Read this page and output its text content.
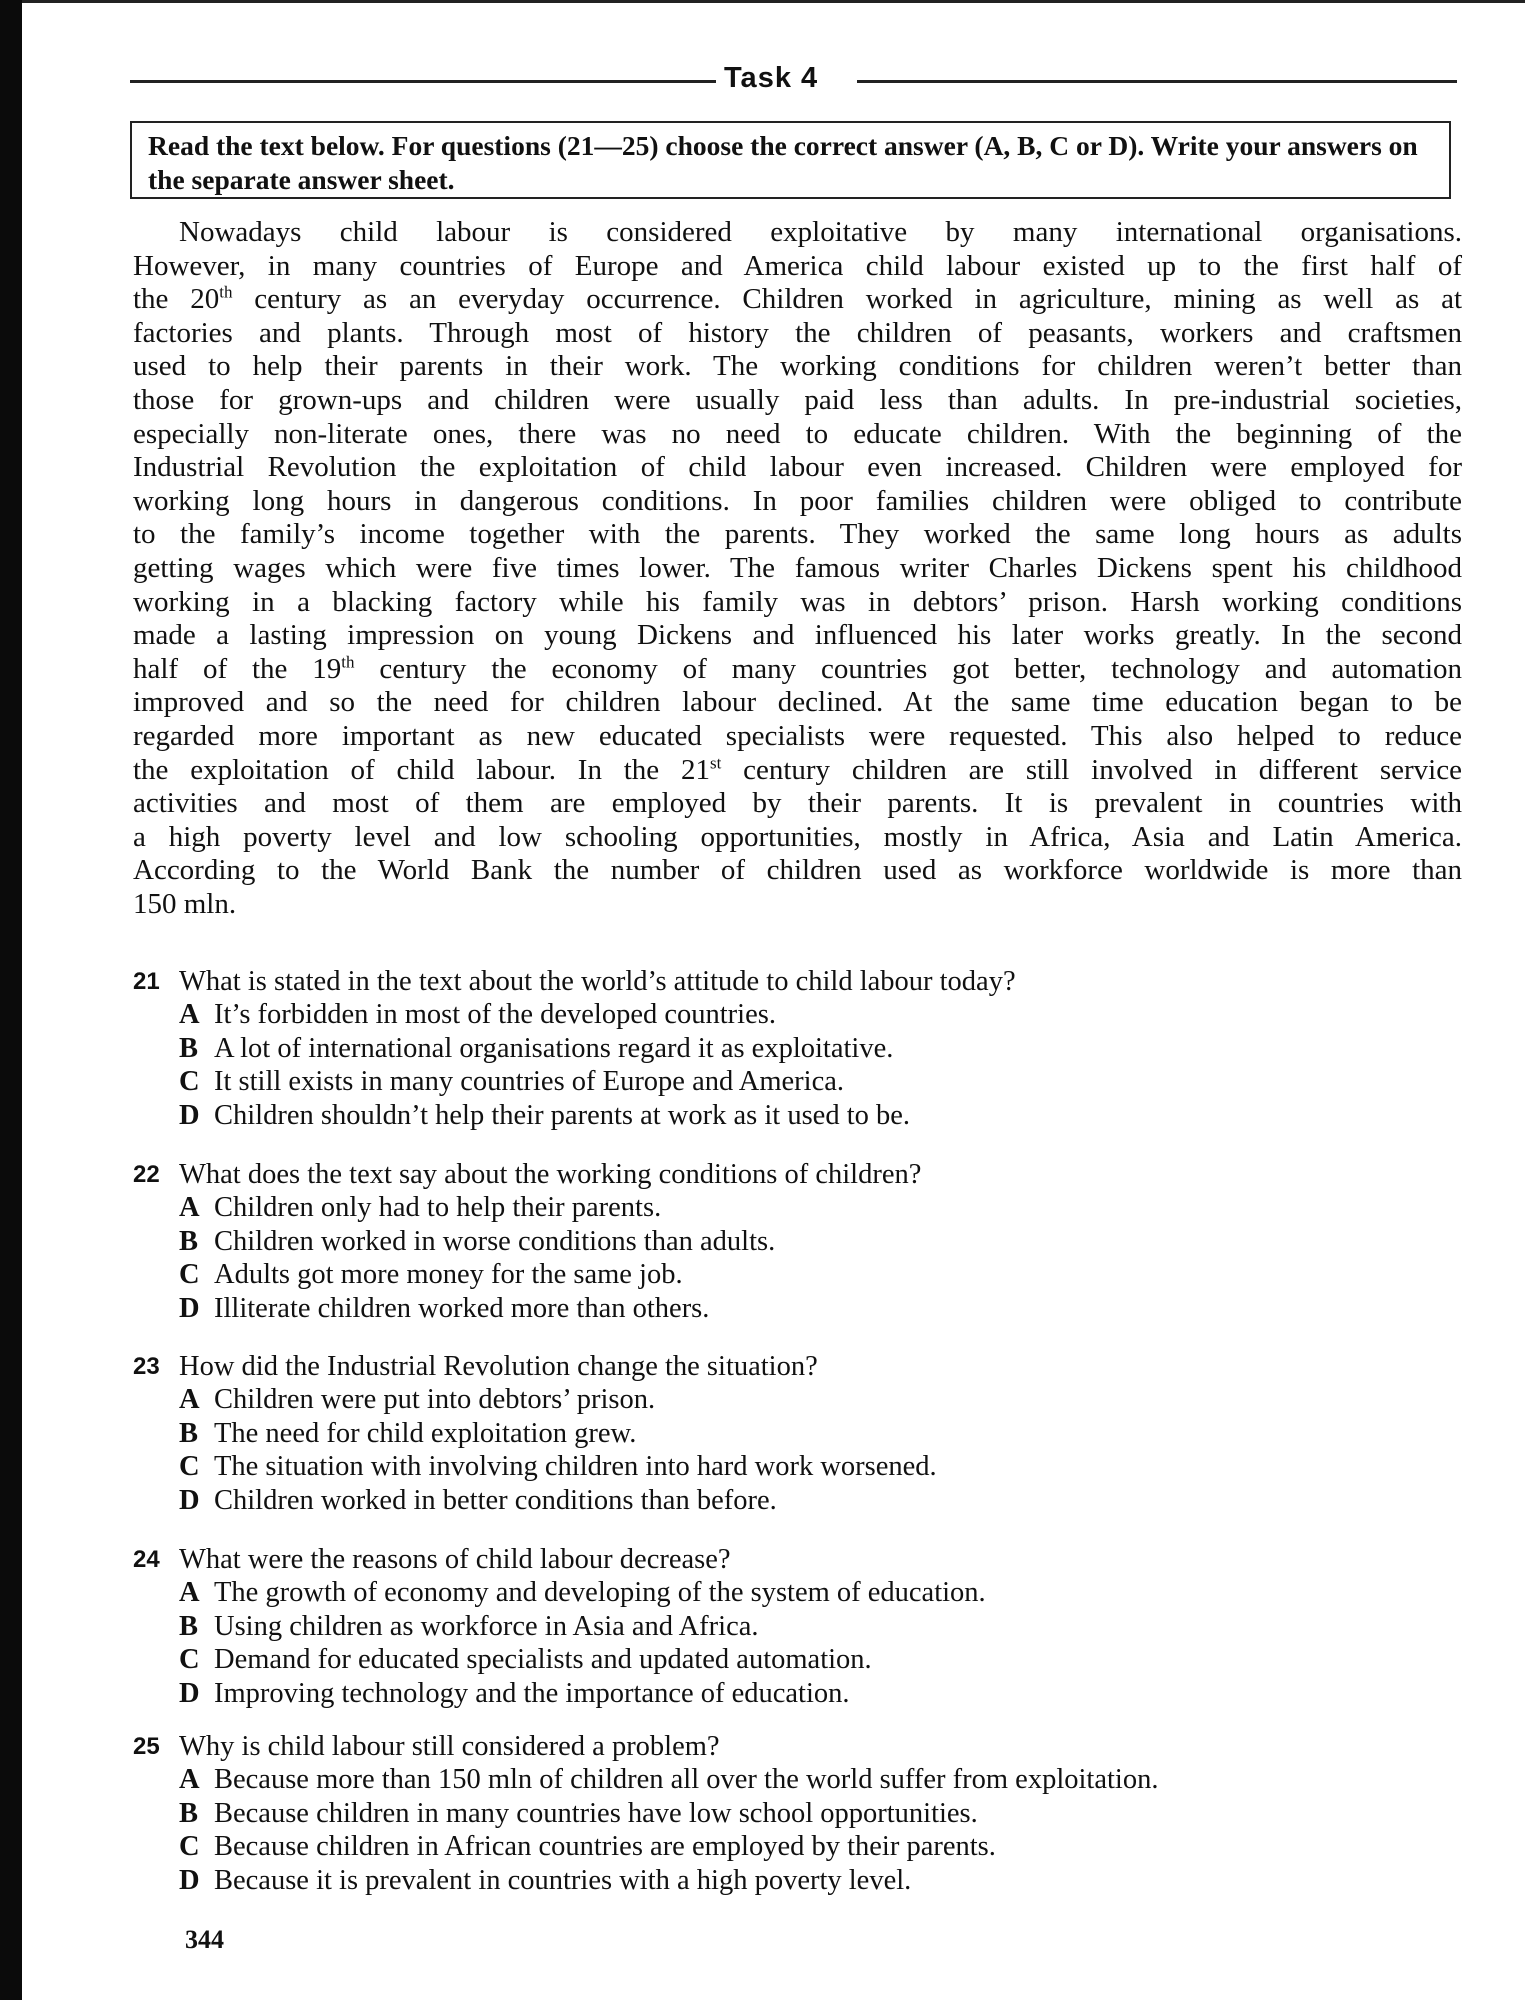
Task 4
Read the text below. For questions (21—25) choose the correct answer (A, B, C or D). Write your answers on the separate answer sheet.
Nowadays child labour is considered exploitative by many international organisations.
However, in many countries of Europe and America child labour existed up to the first half of
the 20th century as an everyday occurrence. Children worked in agriculture, mining as well as at
factories and plants. Through most of history the children of peasants, workers and craftsmen
used to help their parents in their work. The working conditions for children weren’t better than
those for grown-ups and children were usually paid less than adults. In pre-industrial societies,
especially non-literate ones, there was no need to educate children. With the beginning of the
Industrial Revolution the exploitation of child labour even increased. Children were employed for
working long hours in dangerous conditions. In poor families children were obliged to contribute
to the family’s income together with the parents. They worked the same long hours as adults
getting wages which were five times lower. The famous writer Charles Dickens spent his childhood
working in a blacking factory while his family was in debtors’ prison. Harsh working conditions
made a lasting impression on young Dickens and influenced his later works greatly. In the second
half of the 19th century the economy of many countries got better, technology and automation
improved and so the need for children labour declined. At the same time education began to be
regarded more important as new educated specialists were requested. This also helped to reduce
the exploitation of child labour. In the 21st century children are still involved in different service
activities and most of them are employed by their parents. It is prevalent in countries with
a high poverty level and low schooling opportunities, mostly in Africa, Asia and Latin America.
According to the World Bank the number of children used as workforce worldwide is more than
150 mln.
21 What is stated in the text about the world’s attitude to child labour today?
A It’s forbidden in most of the developed countries.
B A lot of international organisations regard it as exploitative.
C It still exists in many countries of Europe and America.
D Children shouldn’t help their parents at work as it used to be.
22 What does the text say about the working conditions of children?
A Children only had to help their parents.
B Children worked in worse conditions than adults.
C Adults got more money for the same job.
D Illiterate children worked more than others.
23 How did the Industrial Revolution change the situation?
A Children were put into debtors’ prison.
B The need for child exploitation grew.
C The situation with involving children into hard work worsened.
D Children worked in better conditions than before.
24 What were the reasons of child labour decrease?
A The growth of economy and developing of the system of education.
B Using children as workforce in Asia and Africa.
C Demand for educated specialists and updated automation.
D Improving technology and the importance of education.
25 Why is child labour still considered a problem?
A Because more than 150 mln of children all over the world suffer from exploitation.
B Because children in many countries have low school opportunities.
C Because children in African countries are employed by their parents.
D Because it is prevalent in countries with a high poverty level.
344
